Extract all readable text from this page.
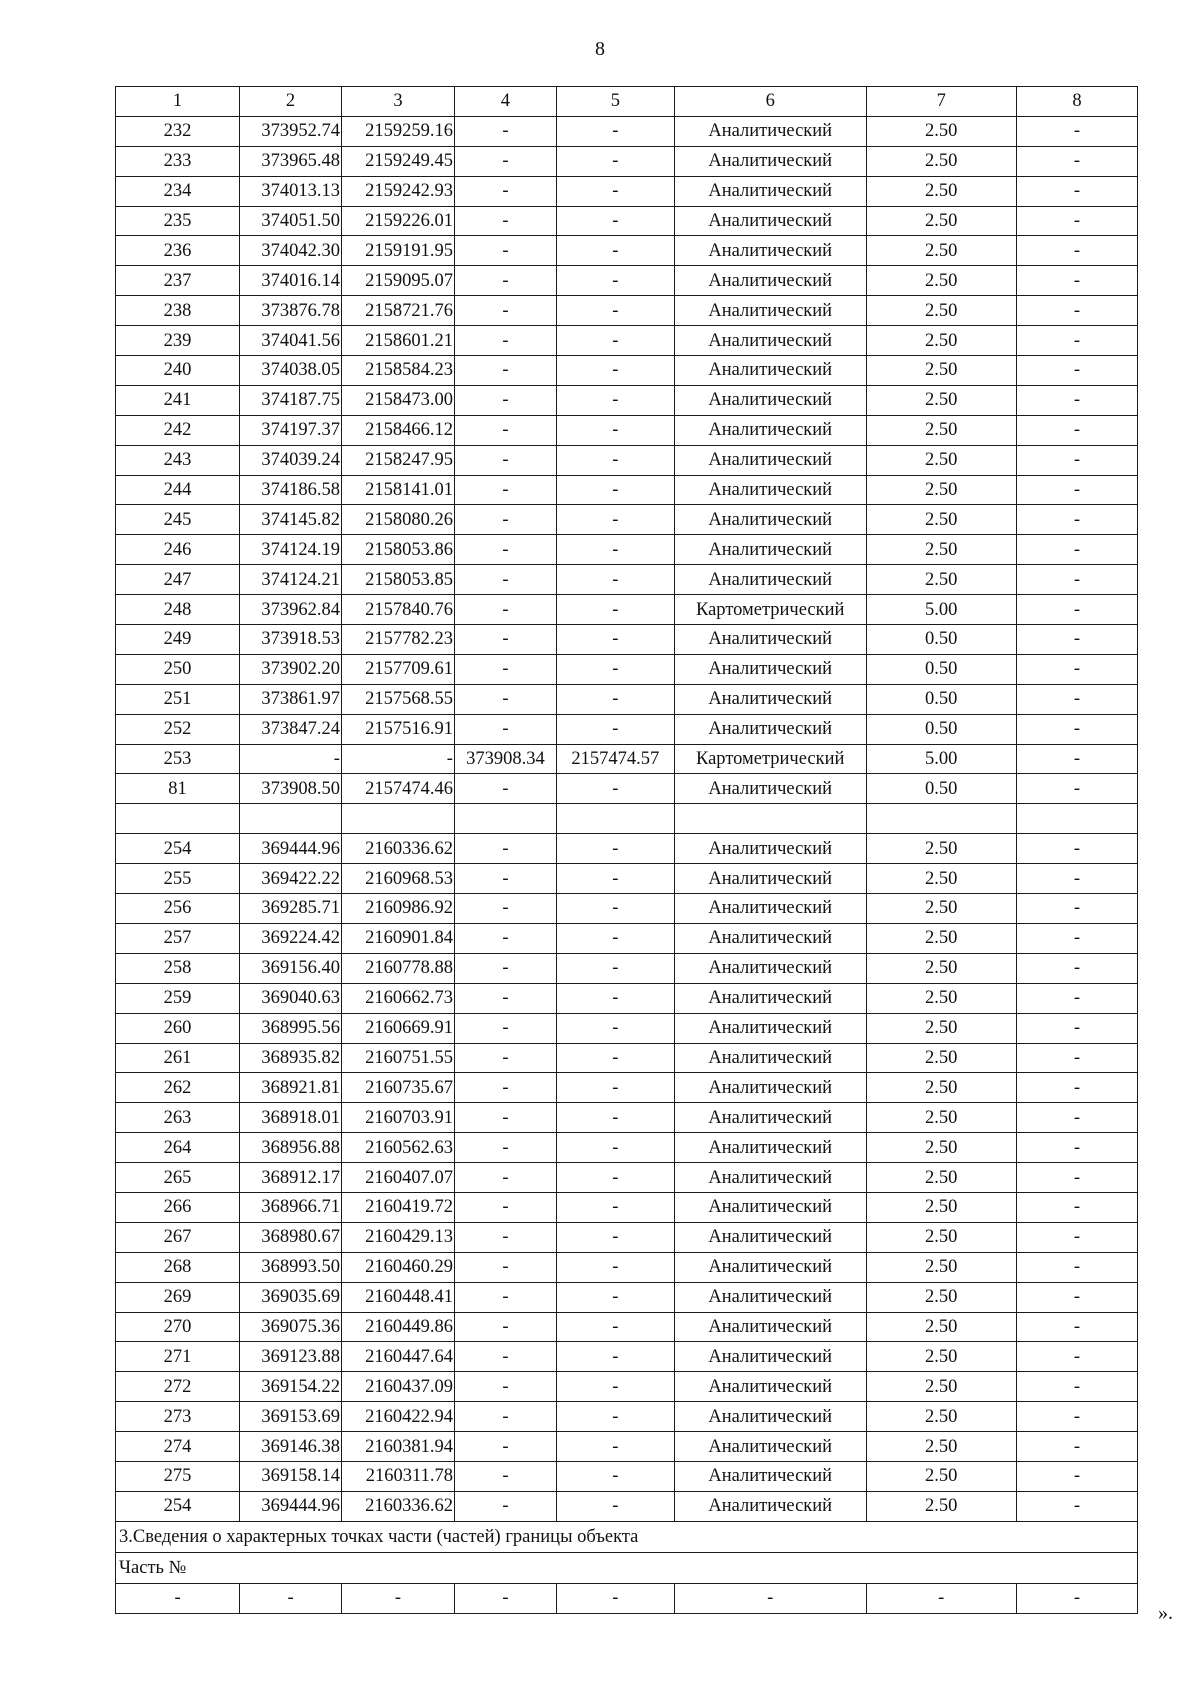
8
1	2	3	4	5	6	7	8
232	373952.74	2159259.16	-	-	Аналитический	2.50	-
233	373965.48	2159249.45	-	-	Аналитический	2.50	-
234	374013.13	2159242.93	-	-	Аналитический	2.50	-
235	374051.50	2159226.01	-	-	Аналитический	2.50	-
236	374042.30	2159191.95	-	-	Аналитический	2.50	-
237	374016.14	2159095.07	-	-	Аналитический	2.50	-
238	373876.78	2158721.76	-	-	Аналитический	2.50	-
239	374041.56	2158601.21	-	-	Аналитический	2.50	-
240	374038.05	2158584.23	-	-	Аналитический	2.50	-
241	374187.75	2158473.00	-	-	Аналитический	2.50	-
242	374197.37	2158466.12	-	-	Аналитический	2.50	-
243	374039.24	2158247.95	-	-	Аналитический	2.50	-
244	374186.58	2158141.01	-	-	Аналитический	2.50	-
245	374145.82	2158080.26	-	-	Аналитический	2.50	-
246	374124.19	2158053.86	-	-	Аналитический	2.50	-
247	374124.21	2158053.85	-	-	Аналитический	2.50	-
248	373962.84	2157840.76	-	-	Картометрический	5.00	-
249	373918.53	2157782.23	-	-	Аналитический	0.50	-
250	373902.20	2157709.61	-	-	Аналитический	0.50	-
251	373861.97	2157568.55	-	-	Аналитический	0.50	-
252	373847.24	2157516.91	-	-	Аналитический	0.50	-
253	-	-	373908.34	2157474.57	Картометрический	5.00	-
81	373908.50	2157474.46	-	-	Аналитический	0.50	-

254	369444.96	2160336.62	-	-	Аналитический	2.50	-
255	369422.22	2160968.53	-	-	Аналитический	2.50	-
256	369285.71	2160986.92	-	-	Аналитический	2.50	-
257	369224.42	2160901.84	-	-	Аналитический	2.50	-
258	369156.40	2160778.88	-	-	Аналитический	2.50	-
259	369040.63	2160662.73	-	-	Аналитический	2.50	-
260	368995.56	2160669.91	-	-	Аналитический	2.50	-
261	368935.82	2160751.55	-	-	Аналитический	2.50	-
262	368921.81	2160735.67	-	-	Аналитический	2.50	-
263	368918.01	2160703.91	-	-	Аналитический	2.50	-
264	368956.88	2160562.63	-	-	Аналитический	2.50	-
265	368912.17	2160407.07	-	-	Аналитический	2.50	-
266	368966.71	2160419.72	-	-	Аналитический	2.50	-
267	368980.67	2160429.13	-	-	Аналитический	2.50	-
268	368993.50	2160460.29	-	-	Аналитический	2.50	-
269	369035.69	2160448.41	-	-	Аналитический	2.50	-
270	369075.36	2160449.86	-	-	Аналитический	2.50	-
271	369123.88	2160447.64	-	-	Аналитический	2.50	-
272	369154.22	2160437.09	-	-	Аналитический	2.50	-
273	369153.69	2160422.94	-	-	Аналитический	2.50	-
274	369146.38	2160381.94	-	-	Аналитический	2.50	-
275	369158.14	2160311.78	-	-	Аналитический	2.50	-
254	369444.96	2160336.62	-	-	Аналитический	2.50	-
3.Сведения о характерных точках части (частей) границы объекта							
Часть №							
-	-	-	-	-	-	-	-
».
